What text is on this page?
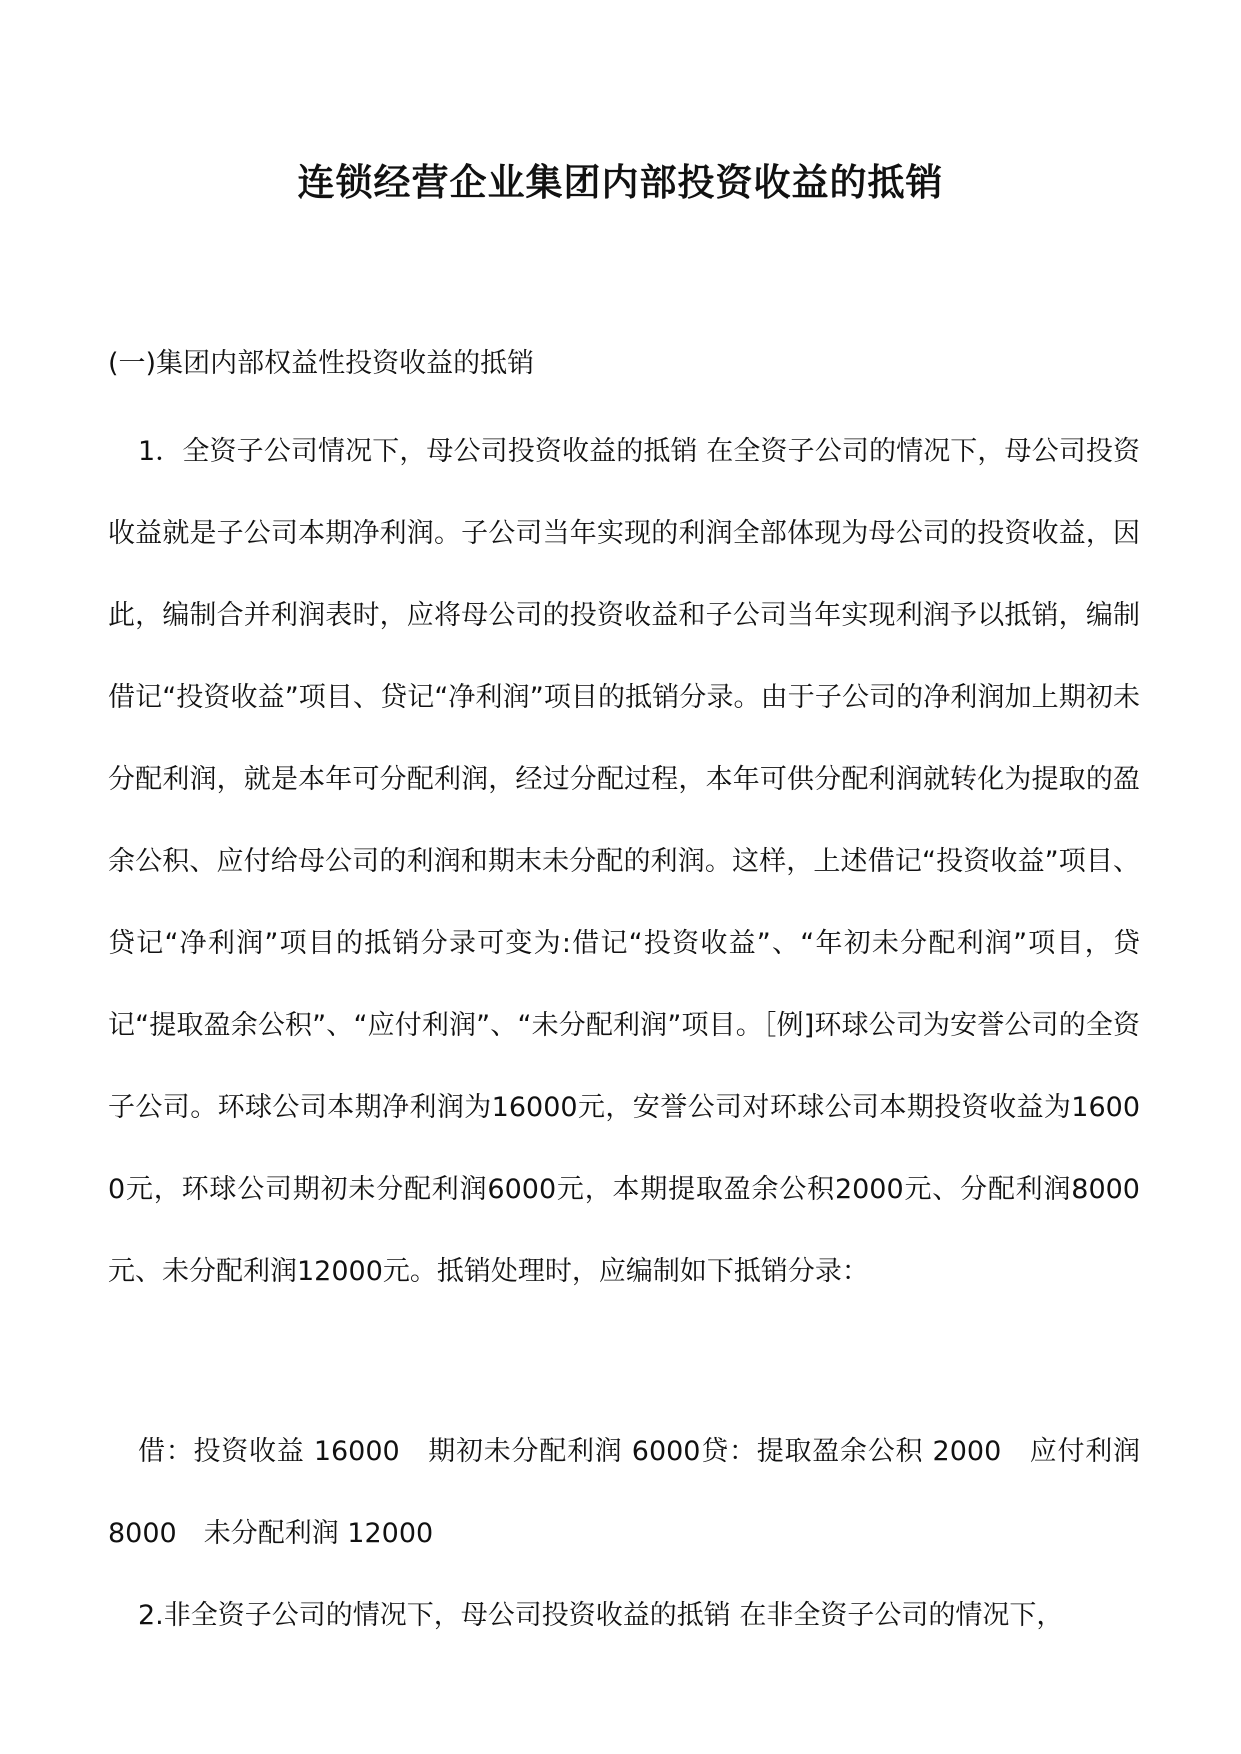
连锁经营企业集团内部投资收益的抵销

(一)集团内部权益性投资收益的抵销

1．全资子公司情况下，母公司投资收益的抵销 在全资子公司的情况下，母公司投资收益就是子公司本期净利润。子公司当年实现的利润全部体现为母公司的投资收益，因此，编制合并利润表时，应将母公司的投资收益和子公司当年实现利润予以抵销，编制借记“投资收益”项目、贷记“净利润”项目的抵销分录。由于子公司的净利润加上期初未分配利润，就是本年可分配利润，经过分配过程，本年可供分配利润就转化为提取的盈余公积、应付给母公司的利润和期末未分配的利润。这样，上述借记“投资收益”项目、贷记“净利润”项目的抵销分录可变为:借记“投资收益”、“年初未分配利润”项目，贷记“提取盈余公积”、“应付利润”、“未分配利润”项目。［例]环球公司为安誉公司的全资子公司。环球公司本期净利润为16000元，安誉公司对环球公司本期投资收益为16000元，环球公司期初未分配利润6000元，本期提取盈余公积2000元、分配利润8000元、未分配利润12000元。抵销处理时，应编制如下抵销分录：

借：投资收益 16000　期初未分配利润 6000贷：提取盈余公积 2000　应付利润 8000　未分配利润 12000

2.非全资子公司的情况下，母公司投资收益的抵销 在非全资子公司的情况下，
